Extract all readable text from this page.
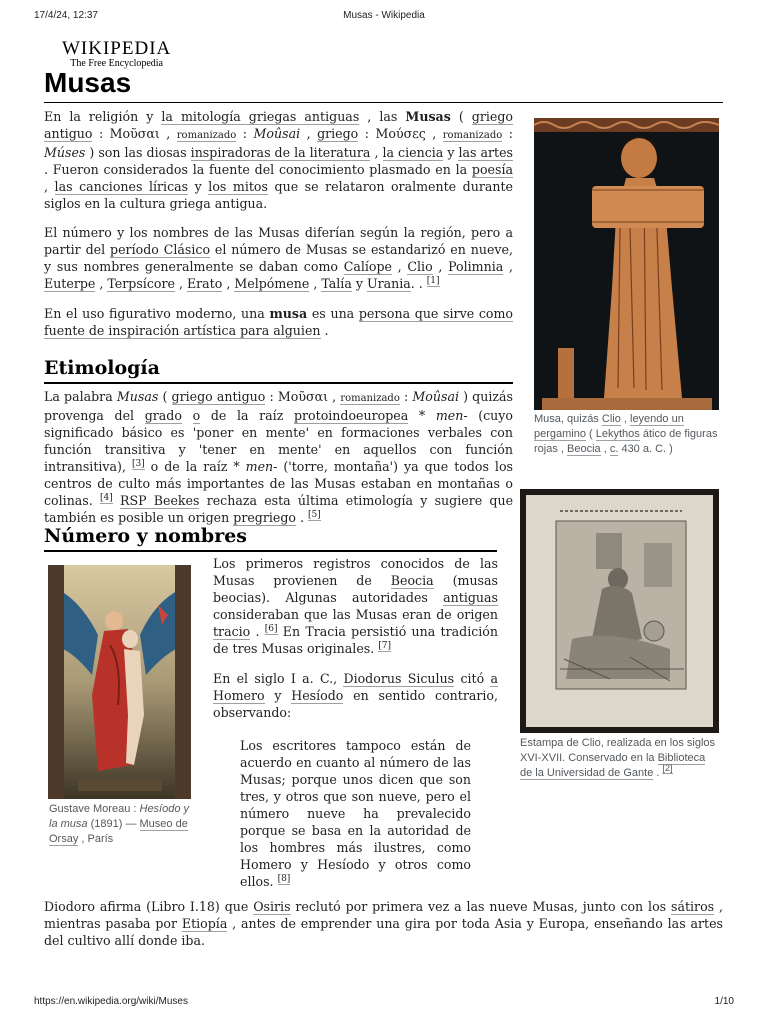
17/4/24, 12:37	Musas - Wikipedia
https://en.wikipedia.org/wiki/Muses	1/10
WIKIPEDIA
The Free Encyclopedia
Musas

En la religión y la mitología griegas antiguas , las Musas ( griego antiguo : Μοῦσαι , romanizado : Moûsai , griego : Μούσες , romanizado : Múses ) son las diosas inspiradoras de la literatura , la ciencia y las artes . Fueron considerados la fuente del conocimiento plasmado en la poesía , las canciones líricas y los mitos que se relataron oralmente durante siglos en la cultura griega antigua.

El número y los nombres de las Musas diferían según la región, pero a partir del período Clásico el número de Musas se estandarizó en nueve, y sus nombres generalmente se daban como Calíope , Clio , Polimnia , Euterpe , Terpsícore , Erato , Melpómene , Talía y Urania. . [1]

En el uso figurativo moderno, una musa es una persona que sirve como fuente de inspiración artística para alguien .

Etimología

La palabra Musas ( griego antiguo : Μοῦσαι , romanizado : Moûsai ) quizás provenga del grado o de la raíz protoindoeuropea * men- (cuyo significado básico es 'poner en mente' en formaciones verbales con función transitiva y 'tener en mente' en aquellos con función intransitiva), [3] o de la raíz * men- ('torre, montaña') ya que todos los centros de culto más importantes de las Musas estaban en montañas o colinas. [4] RSP Beekes rechaza esta última etimología y sugiere que también es posible un origen pregriego . [5]

Número y nombres

Los primeros registros conocidos de las Musas provienen de Beocia (musas beocias). Algunas autoridades antiguas consideraban que las Musas eran de origen tracio . [6] En Tracia persistió una tradición de tres Musas originales. [7]

En el siglo I a. C., Diodorus Siculus citó a Homero y Hesíodo en sentido contrario, observando:

Los escritores tampoco están de acuerdo en cuanto al número de las Musas; porque unos dicen que son tres, y otros que son nueve, pero el número nueve ha prevalecido porque se basa en la autoridad de los hombres más ilustres, como Homero y Hesíodo y otros como ellos. [8]

Diodoro afirma (Libro I.18) que Osiris reclutó por primera vez a las nueve Musas, junto con los sátiros , mientras pasaba por Etiopía , antes de emprender una gira por toda Asia y Europa, enseñando las artes del cultivo allí donde iba.

Musa, quizás Clio , leyendo un pergamino ( Lekythos ático de figuras rojas , Beocia , c. 430 a. C. )
Estampa de Clio, realizada en los siglos XVI-XVII. Conservado en la Biblioteca de la Universidad de Gante . [2]
Gustave Moreau : Hesíodo y la musa (1891) — Museo de Orsay , París
